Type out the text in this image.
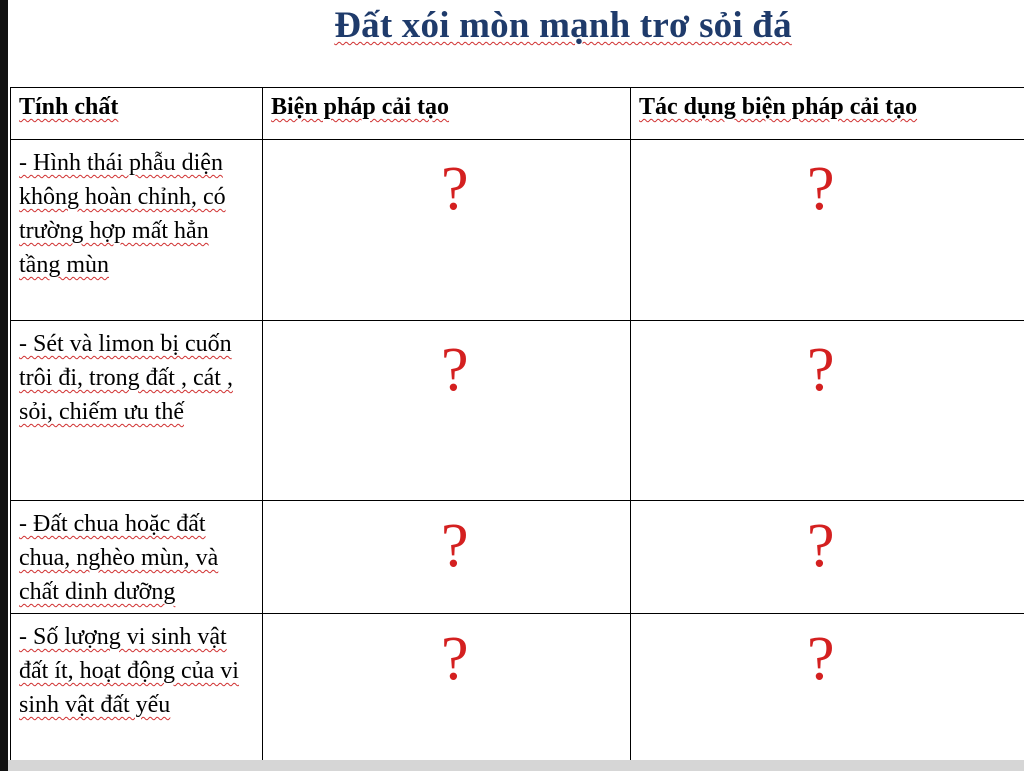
Đất xói mòn mạnh trơ sỏi đá
Tính chất	Biện pháp cải tạo	Tác dụng biện pháp cải tạo
- Hình thái phẫu diện không hoàn chỉnh, có trường hợp mất hẳn tầng mùn	?	?

- Sét và limon bị cuốn trôi đi, trong đất , cát , sỏi, chiếm ưu thế	?	?

- Đất chua hoặc đất chua, nghèo mùn, và chất dinh dưỡng	?	?

- Số lượng vi sinh vật đất ít, hoạt động của vi sinh vật đất yếu	?	?
